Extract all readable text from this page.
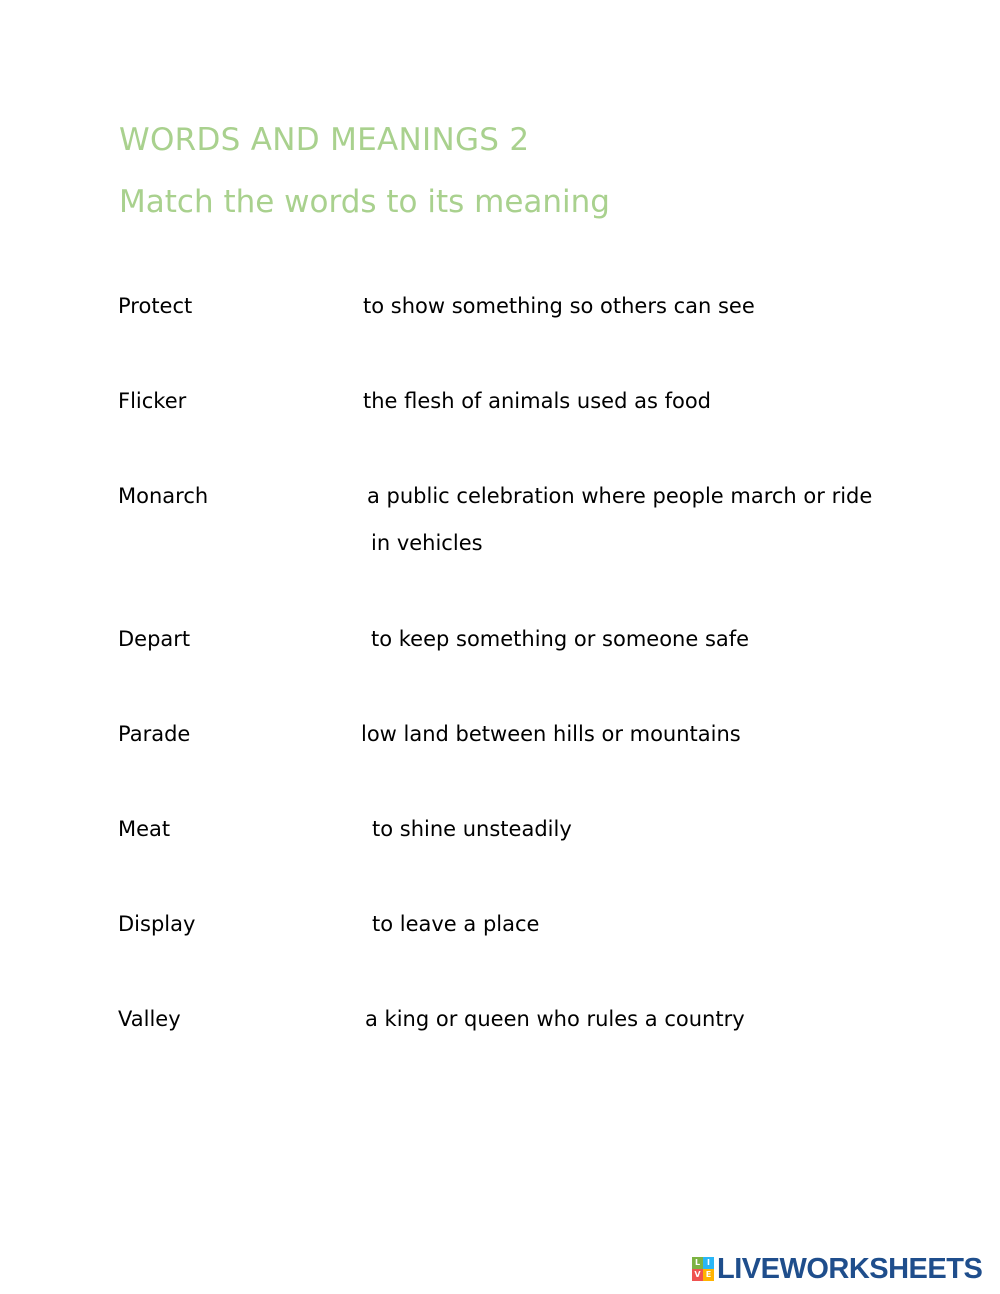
WORDS AND MEANINGS 2
Match the words to its meaning
Protect	to show something so others can see
Flicker	the flesh of animals used as food
Monarch	a public celebration where people march or ride
in vehicles
Depart	to keep something or someone safe
Parade	low land between hills or mountains
Meat	to shine unsteadily
Display	to leave a place
Valley	a king or queen who rules a country
L I
V E LIVEWORKSHEETS
